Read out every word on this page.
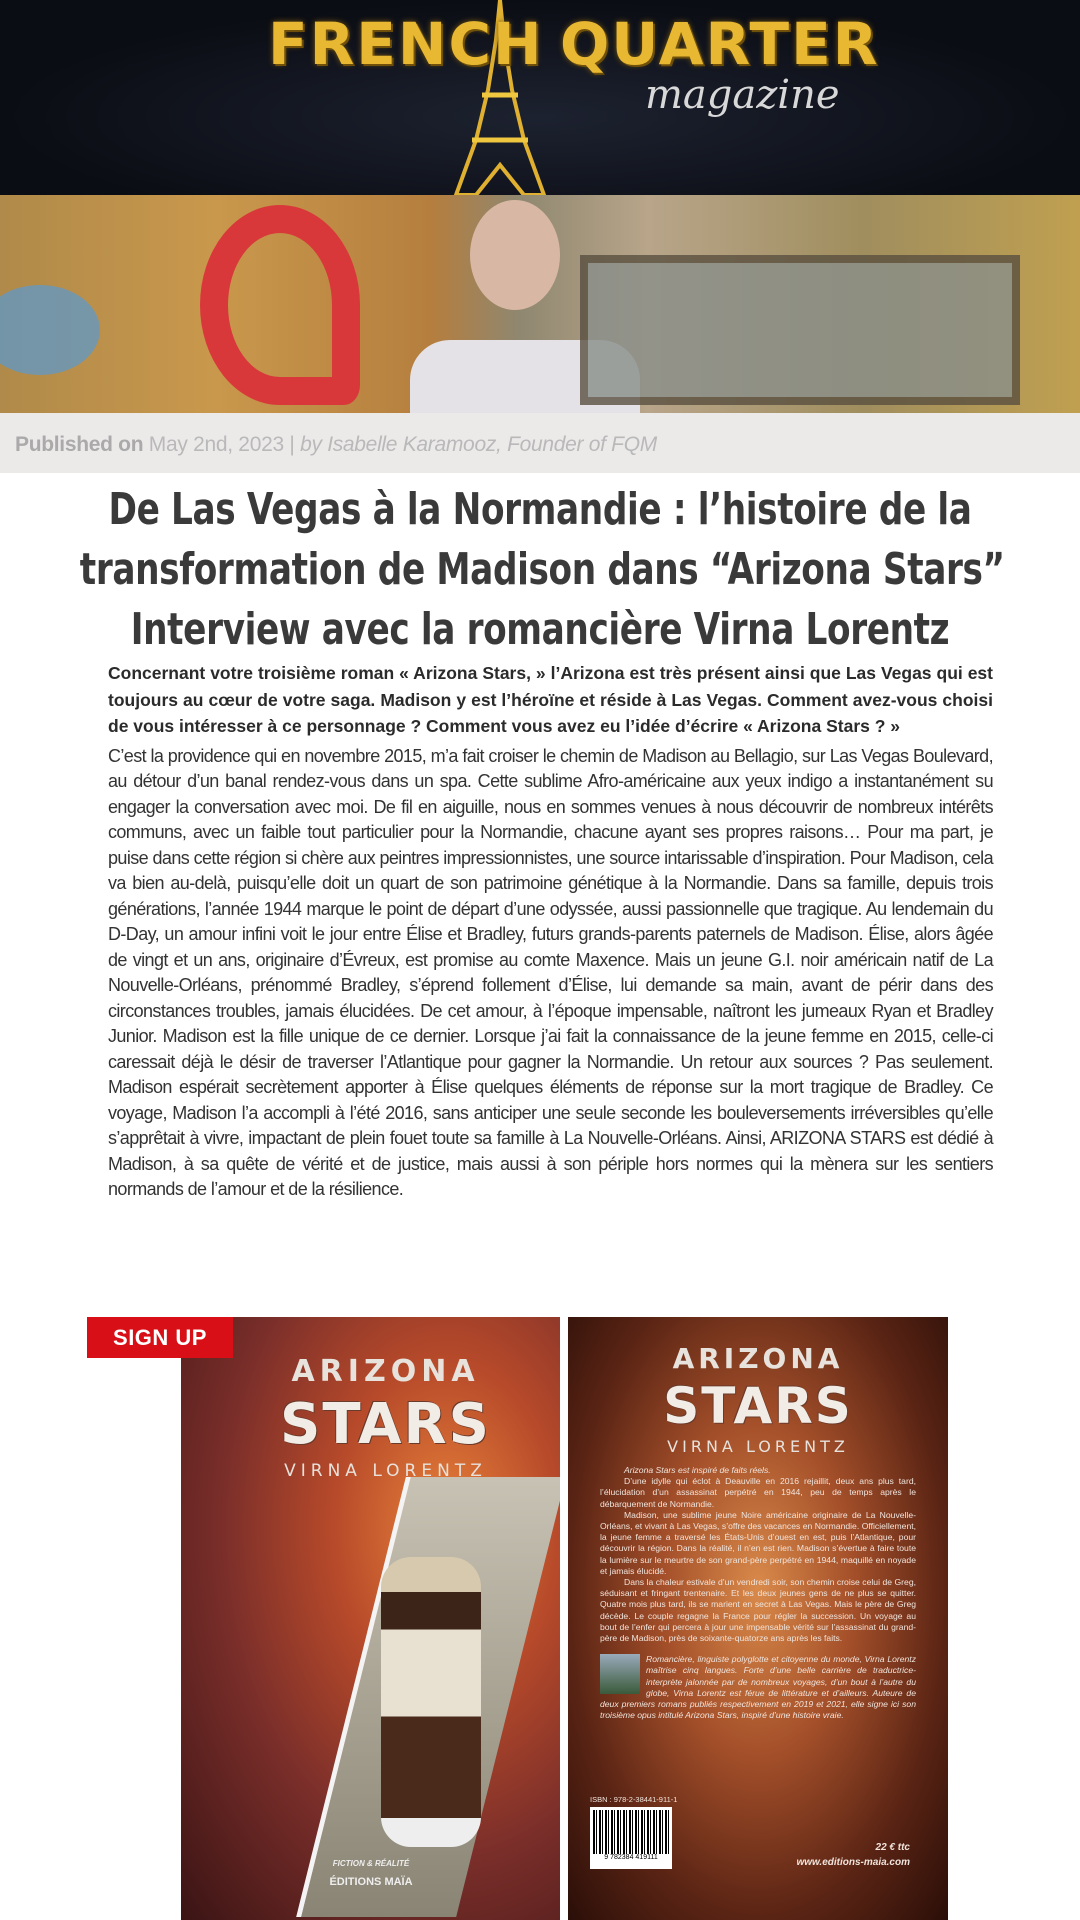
FRENCH QUARTER
magazine
Published on May 2nd, 2023 | by Isabelle Karamooz, Founder of FQM
De Las Vegas à la Normandie : l’histoire de la
transformation de Madison dans “Arizona Stars”
Interview avec la romancière Virna Lorentz

Concernant votre troisième roman « Arizona Stars, » l’Arizona est très présent ainsi que Las Vegas qui est toujours au cœur de votre saga. Madison y est l’héroïne et réside à Las Vegas. Comment avez-vous choisi de vous intéresser à ce personnage ? Comment vous avez eu l’idée d’écrire « Arizona Stars ? »

C’est la providence qui en novembre 2015, m’a fait croiser le chemin de Madison au Bellagio, sur Las Vegas Boulevard, au détour d’un banal rendez-vous dans un spa. Cette sublime Afro-américaine aux yeux indigo a instantanément su engager la conversation avec moi. De fil en aiguille, nous en sommes venues à nous découvrir de nombreux intérêts communs, avec un faible tout particulier pour la Normandie, chacune ayant ses propres raisons… Pour ma part, je puise dans cette région si chère aux peintres impressionnistes, une source intarissable d’inspiration. Pour Madison, cela va bien au-delà, puisqu’elle doit un quart de son patrimoine génétique à la Normandie. Dans sa famille, depuis trois générations, l’année 1944 marque le point de départ d’une odyssée, aussi passionnelle que tragique. Au lendemain du D-Day, un amour infini voit le jour entre Élise et Bradley, futurs grands-parents paternels de Madison. Élise, alors âgée de vingt et un ans, originaire d’Évreux, est promise au comte Maxence. Mais un jeune G.I. noir américain natif de La Nouvelle-Orléans, prénommé Bradley, s’éprend follement d’Élise, lui demande sa main, avant de périr dans des circonstances troubles, jamais élucidées. De cet amour, à l’époque impensable, naîtront les jumeaux Ryan et Bradley Junior. Madison est la fille unique de ce dernier. Lorsque j’ai fait la connaissance de la jeune femme en 2015, celle-ci caressait déjà le désir de traverser l’Atlantique pour gagner la Normandie. Un retour aux sources ? Pas seulement. Madison espérait secrètement apporter à Élise quelques éléments de réponse sur la mort tragique de Bradley. Ce voyage, Madison l’a accompli à l’été 2016, sans anticiper une seule seconde les bouleversements irréversibles qu’elle s’apprêtait à vivre, impactant de plein fouet toute sa famille à La Nouvelle-Orléans. Ainsi, ARIZONA STARS est dédié à Madison, à sa quête de vérité et de justice, mais aussi à son périple hors normes qui la mènera sur les sentiers normands de l’amour et de la résilience.

SIGN UP
ARIZONA
STARS
VIRNA LORENTZ
FICTION & RÉALITÉ
ÉDITIONS MAÏA
ARIZONA
STARS
VIRNA LORENTZ

Arizona Stars est inspiré de faits réels.

D’une idylle qui éclot à Deauville en 2016 rejaillit, deux ans plus tard, l’élucidation d’un assassinat perpétré en 1944, peu de temps après le débarquement de Normandie.

Madison, une sublime jeune Noire américaine originaire de La Nouvelle-Orléans, et vivant à Las Vegas, s’offre des vacances en Normandie. Officiellement, la jeune femme a traversé les États-Unis d’ouest en est, puis l’Atlantique, pour découvrir la région. Dans la réalité, il n’en est rien. Madison s’évertue à faire toute la lumière sur le meurtre de son grand-père perpétré en 1944, maquillé en noyade et jamais élucidé.

Dans la chaleur estivale d’un vendredi soir, son chemin croise celui de Greg, séduisant et fringant trentenaire. Et les deux jeunes gens de ne plus se quitter. Quatre mois plus tard, ils se marient en secret à Las Vegas. Mais le père de Greg décède. Le couple regagne la France pour régler la succession. Un voyage au bout de l’enfer qui percera à jour une impensable vérité sur l’assassinat du grand-père de Madison, près de soixante-quatorze ans après les faits.

Romancière, linguiste polyglotte et citoyenne du monde, Virna Lorentz maîtrise cinq langues. Forte d’une belle carrière de traductrice-interprète jalonnée par de nombreux voyages, d’un bout à l’autre du globe, Virna Lorentz est férue de littérature et d’ailleurs. Auteure de deux premiers romans publiés respectivement en 2019 et 2021, elle signe ici son troisième opus intitulé Arizona Stars, inspiré d’une histoire vraie.
ISBN : 978-2-38441-911-1
9 782384 419111
22 € ttc
www.editions-maia.com
